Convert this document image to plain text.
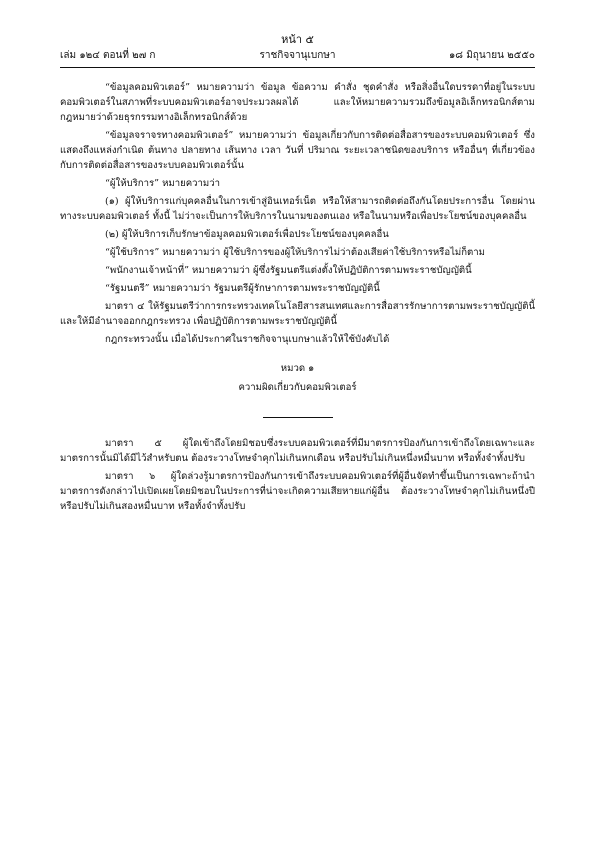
หน้า ๕
เล่ม ๑๒๔ ตอนที่ ๒๗ ก	ราชกิจจานุเบกษา	๑๘ มิถุนายน ๒๕๕๐

“ข้อมูลคอมพิวเตอร์” หมายความว่า ข้อมูล ข้อความ คำสั่ง ชุดคำสั่ง หรือสิ่งอื่นใดบรรดาที่อยู่ในระบบคอมพิวเตอร์ในสภาพที่ระบบคอมพิวเตอร์อาจประมวลผลได้ และให้หมายความรวมถึงข้อมูลอิเล็กทรอนิกส์ตามกฎหมายว่าด้วยธุรกรรมทางอิเล็กทรอนิกส์ด้วย

“ข้อมูลจราจรทางคอมพิวเตอร์” หมายความว่า ข้อมูลเกี่ยวกับการติดต่อสื่อสารของระบบคอมพิวเตอร์ ซึ่งแสดงถึงแหล่งกำเนิด ต้นทาง ปลายทาง เส้นทาง เวลา วันที่ ปริมาณ ระยะเวลาชนิดของบริการ หรืออื่นๆ ที่เกี่ยวข้องกับการติดต่อสื่อสารของระบบคอมพิวเตอร์นั้น

“ผู้ให้บริการ” หมายความว่า

(๑) ผู้ให้บริการแก่บุคคลอื่นในการเข้าสู่อินเทอร์เน็ต หรือให้สามารถติดต่อถึงกันโดยประการอื่น โดยผ่านทางระบบคอมพิวเตอร์ ทั้งนี้ ไม่ว่าจะเป็นการให้บริการในนามของตนเอง หรือในนามหรือเพื่อประโยชน์ของบุคคลอื่น

(๒) ผู้ให้บริการเก็บรักษาข้อมูลคอมพิวเตอร์เพื่อประโยชน์ของบุคคลอื่น

“ผู้ใช้บริการ” หมายความว่า ผู้ใช้บริการของผู้ให้บริการไม่ว่าต้องเสียค่าใช้บริการหรือไม่ก็ตาม

“พนักงานเจ้าหน้าที่” หมายความว่า ผู้ซึ่งรัฐมนตรีแต่งตั้งให้ปฏิบัติการตามพระราชบัญญัตินี้

“รัฐมนตรี” หมายความว่า รัฐมนตรีผู้รักษาการตามพระราชบัญญัตินี้

มาตรา ๔ ให้รัฐมนตรีว่าการกระทรวงเทคโนโลยีสารสนเทศและการสื่อสารรักษาการตามพระราชบัญญัตินี้ และให้มีอำนาจออกกฎกระทรวง เพื่อปฏิบัติการตามพระราชบัญญัตินี้

กฎกระทรวงนั้น เมื่อได้ประกาศในราชกิจจานุเบกษาแล้วให้ใช้บังคับได้

หมวด ๑

ความผิดเกี่ยวกับคอมพิวเตอร์

มาตรา ๕ ผู้ใดเข้าถึงโดยมิชอบซึ่งระบบคอมพิวเตอร์ที่มีมาตรการป้องกันการเข้าถึงโดยเฉพาะและมาตรการนั้นมิได้มีไว้สำหรับตน ต้องระวางโทษจำคุกไม่เกินหกเดือน หรือปรับไม่เกินหนึ่งหมื่นบาท หรือทั้งจำทั้งปรับ

มาตรา ๖ ผู้ใดล่วงรู้มาตรการป้องกันการเข้าถึงระบบคอมพิวเตอร์ที่ผู้อื่นจัดทำขึ้นเป็นการเฉพาะถ้านำมาตรการดังกล่าวไปเปิดเผยโดยมิชอบในประการที่น่าจะเกิดความเสียหายแก่ผู้อื่น ต้องระวางโทษจำคุกไม่เกินหนึ่งปี หรือปรับไม่เกินสองหมื่นบาท หรือทั้งจำทั้งปรับ
